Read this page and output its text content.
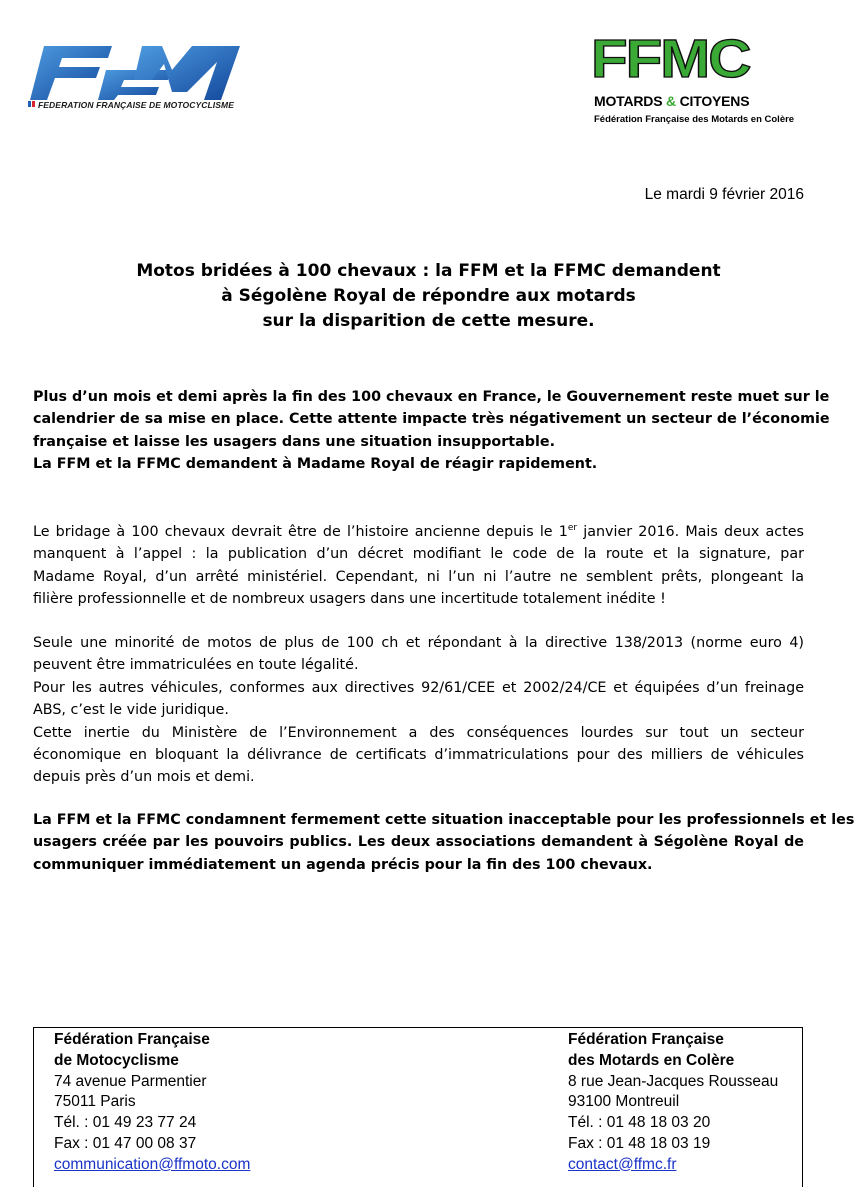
FEDERATION FRANÇAISE DE MOTOCYCLISME
FFMC
MOTARDS & CITOYENS
Fédération Française des Motards en Colère
Le mardi 9 février 2016
Motos bridées à 100 chevaux : la FFM et la FFMC demandent
à Ségolène Royal de répondre aux motards
sur la disparition de cette mesure.
Plus d’un mois et demi après la fin des 100 chevaux en France, le Gouvernement reste muet sur le
calendrier de sa mise en place. Cette attente impacte très négativement un secteur de l’économie
française et laisse les usagers dans une situation insupportable.
La FFM et la FFMC demandent à Madame Royal de réagir rapidement.
Le bridage à 100 chevaux devrait être de l’histoire ancienne depuis le 1er janvier 2016. Mais deux actes
manquent à l’appel : la publication d’un décret modifiant le code de la route et la signature, par
Madame Royal, d’un arrêté ministériel. Cependant, ni l’un ni l’autre ne semblent prêts, plongeant la
filière professionnelle et de nombreux usagers dans une incertitude totalement inédite !
Seule une minorité de motos de plus de 100 ch et répondant à la directive 138/2013 (norme euro 4)
peuvent être immatriculées en toute légalité.
Pour les autres véhicules, conformes aux directives 92/61/CEE et 2002/24/CE et équipées d’un freinage
ABS, c’est le vide juridique.
Cette inertie du Ministère de l’Environnement a des conséquences lourdes sur tout un secteur
économique en bloquant la délivrance de certificats d’immatriculations pour des milliers de véhicules
depuis près d’un mois et demi.
La FFM et la FFMC condamnent fermement cette situation inacceptable pour les professionnels et les
usagers créée par les pouvoirs publics. Les deux associations demandent à Ségolène Royal de
communiquer immédiatement un agenda précis pour la fin des 100 chevaux.
Fédération Française
de Motocyclisme
74 avenue Parmentier
75011 Paris
Tél. : 01 49 23 77 24
Fax : 01 47 00 08 37
communication@ffmoto.com
Fédération Française
des Motards en Colère
8 rue Jean-Jacques Rousseau
93100 Montreuil
Tél. : 01 48 18 03 20
Fax : 01 48 18 03 19
contact@ffmc.fr
